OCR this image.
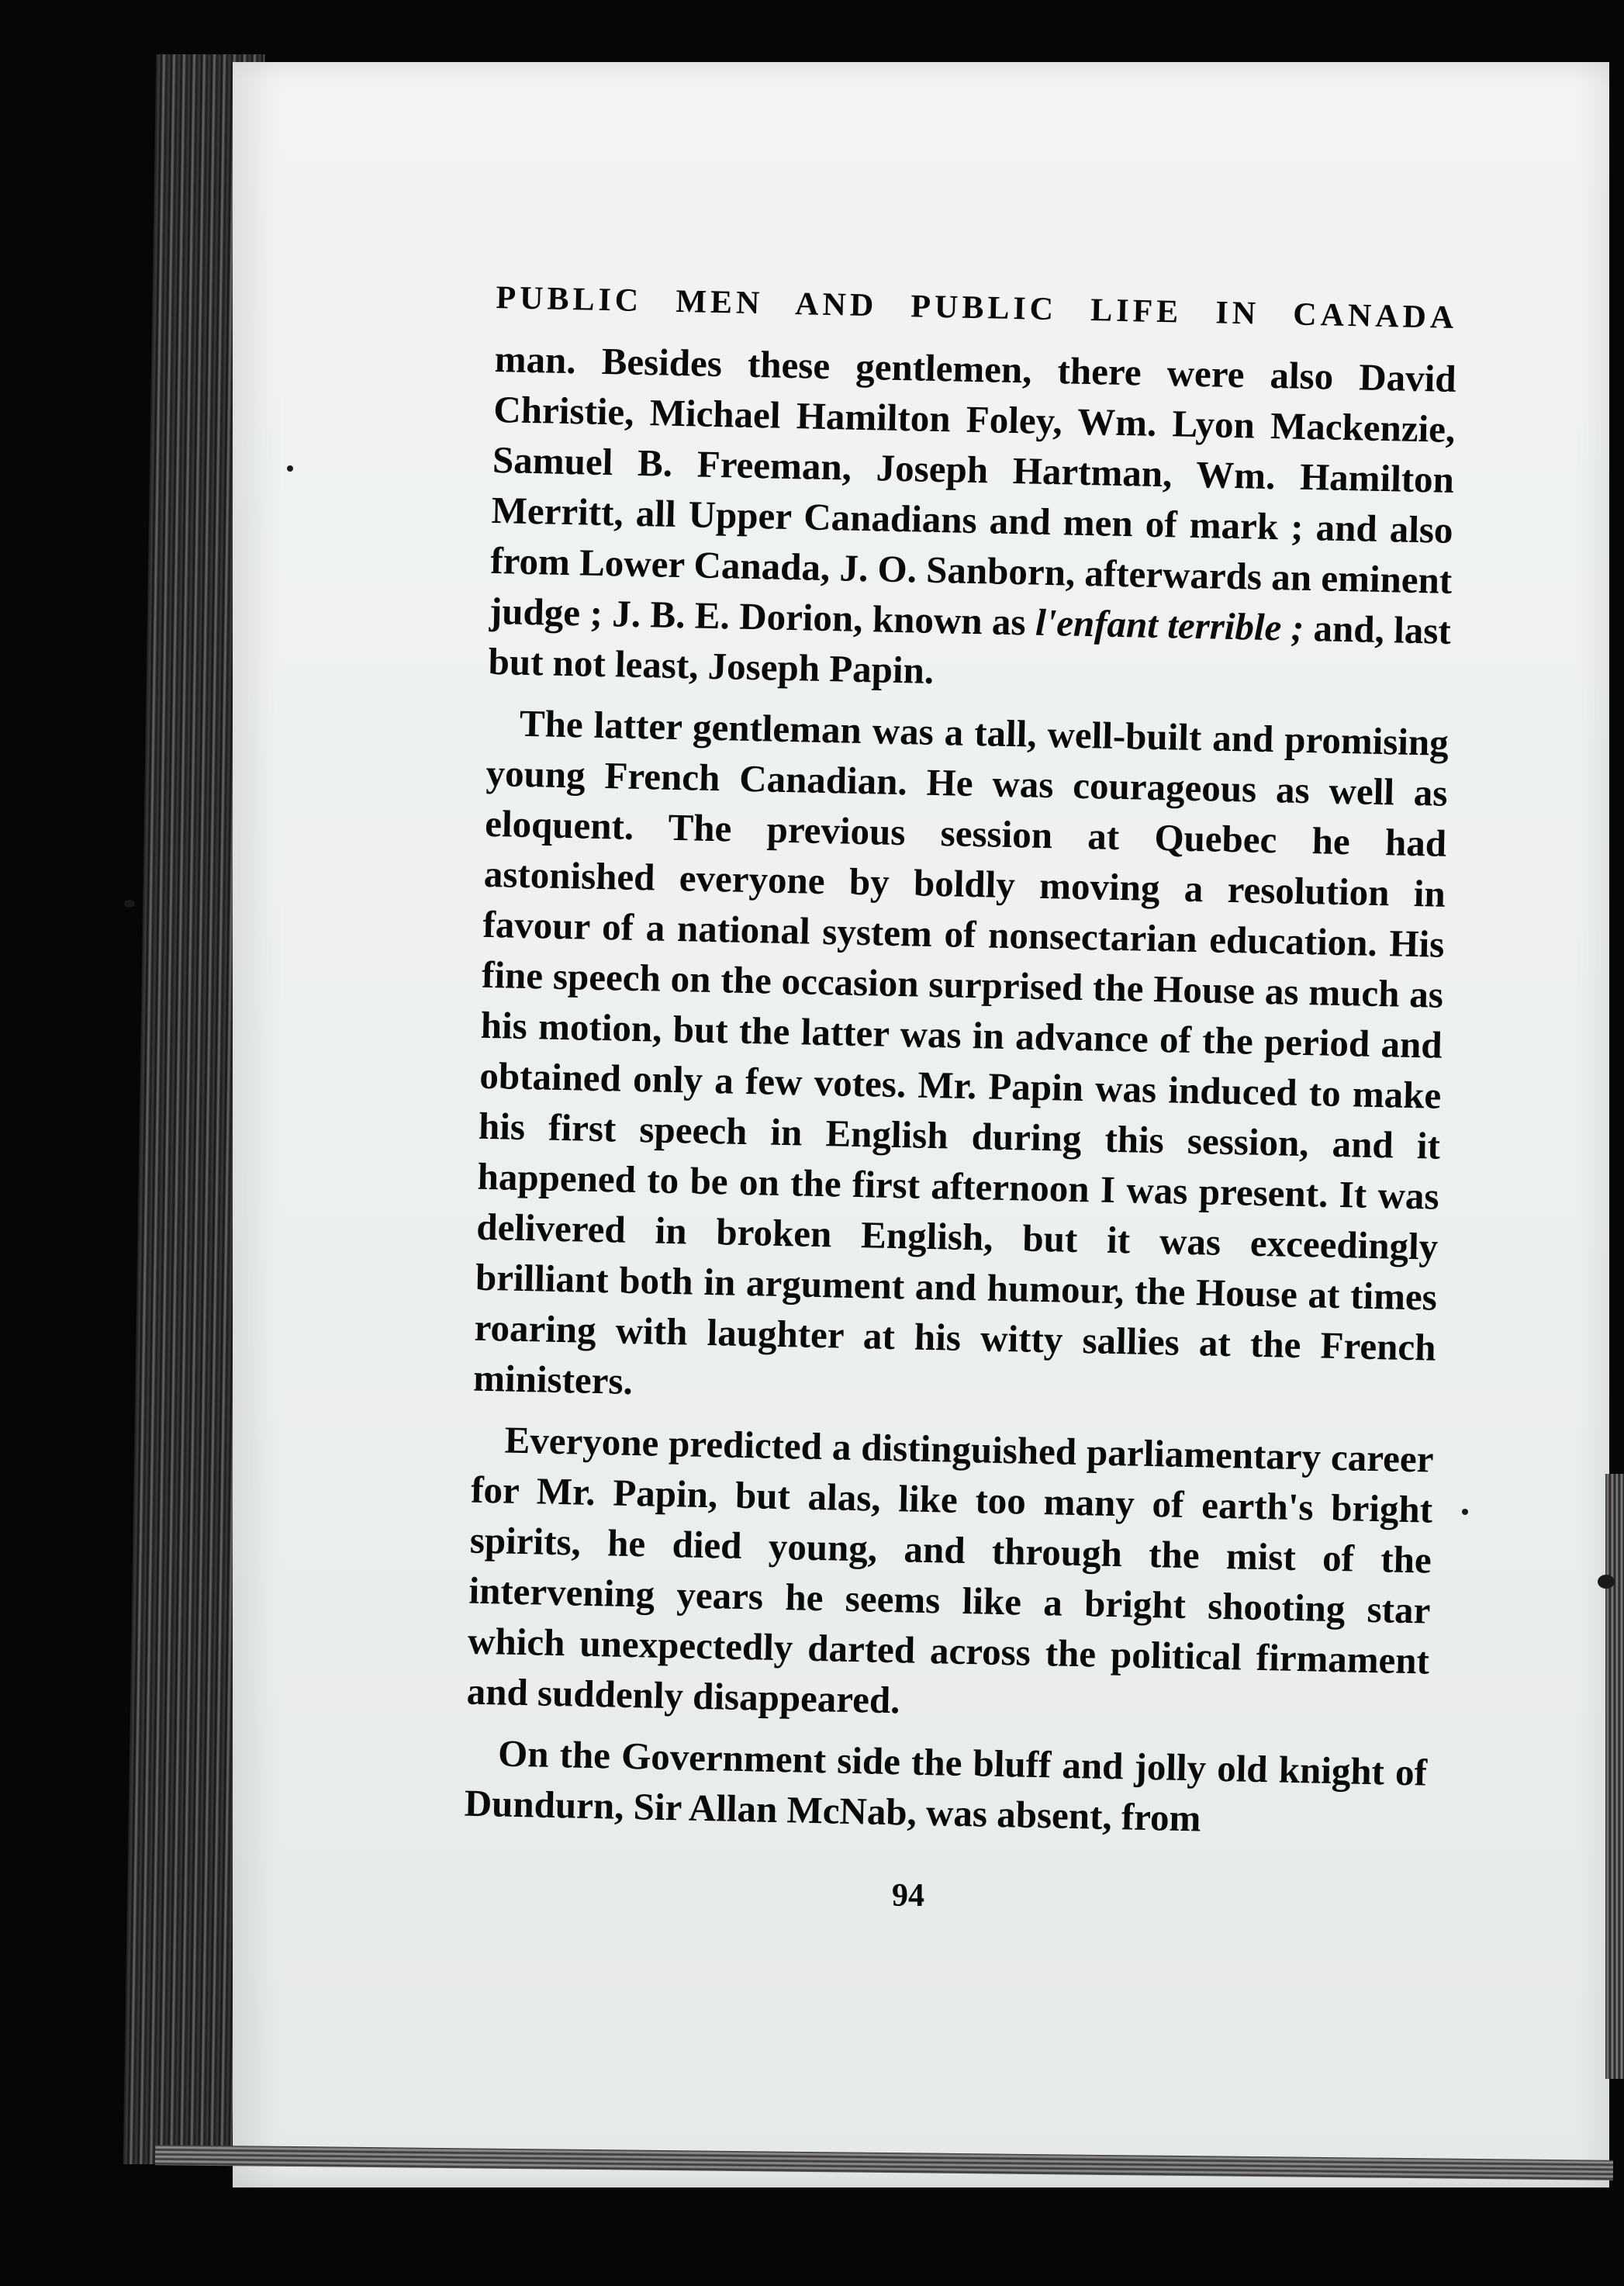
PUBLIC MEN AND PUBLIC LIFE IN CANADA

man. Besides these gentlemen, there were also David Christie, Michael Hamilton Foley, Wm. Lyon Mackenzie, Samuel B. Freeman, Joseph Hartman, Wm. Hamilton Merritt, all Upper Canadians and men of mark ; and also from Lower Canada, J. O. Sanborn, afterwards an eminent judge ; J. B. E. Dorion, known as l'enfant terrible ; and, last but not least, Joseph Papin.

The latter gentleman was a tall, well-built and promising young French Canadian. He was courageous as well as eloquent. The previous session at Quebec he had astonished everyone by boldly moving a resolution in favour of a national system of nonsectarian education. His fine speech on the occasion surprised the House as much as his motion, but the latter was in advance of the period and obtained only a few votes. Mr. Papin was induced to make his first speech in English during this session, and it happened to be on the first afternoon I was present. It was delivered in broken English, but it was exceedingly brilliant both in argument and humour, the House at times roaring with laughter at his witty sallies at the French ministers.

Everyone predicted a distinguished parliamentary career for Mr. Papin, but alas, like too many of earth's bright spirits, he died young, and through the mist of the intervening years he seems like a bright shooting star which unexpectedly darted across the political firmament and suddenly disappeared.

On the Government side the bluff and jolly old knight of Dundurn, Sir Allan McNab, was absent, from

94
